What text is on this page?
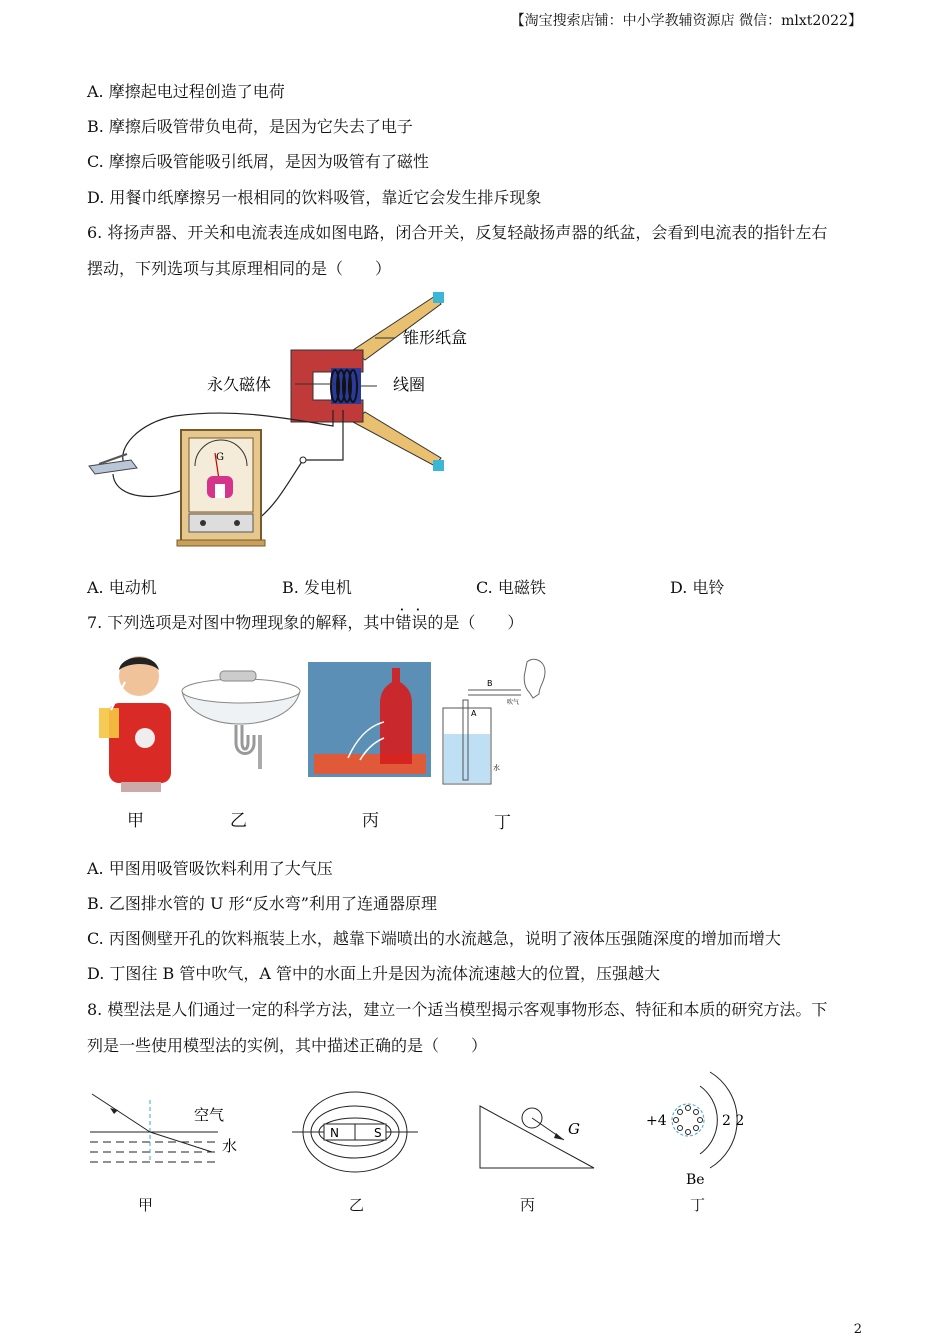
【淘宝搜索店铺：中小学教辅资源店 微信：mlxt2022】
A. 摩擦起电过程创造了电荷
B. 摩擦后吸管带负电荷，是因为它失去了电子
C. 摩擦后吸管能吸引纸屑，是因为吸管有了磁性
D. 用餐巾纸摩擦另一根相同的饮料吸管，靠近它会发生排斥现象
6. 将扬声器、开关和电流表连成如图电路，闭合开关，反复轻敲扬声器的纸盆，会看到电流表的指针左右
摆动，下列选项与其原理相同的是（　　）
锥形纸盒
永久磁体	线圈
G
A. 电动机	B. 发电机	C. 电磁铁	D. 电铃
7. 下列选项是对图中物理现象的解释，其中错误的是（　　）
B
A
吹气
水
甲	乙	丙	丁
A. 甲图用吸管吸饮料利用了大气压
B. 乙图排水管的 U 形“反水弯”利用了连通器原理
C. 丙图侧壁开孔的饮料瓶装上水，越靠下端喷出的水流越急，说明了液体压强随深度的增加而增大
D. 丁图往 B 管中吹气，A 管中的水面上升是因为流体流速越大的位置，压强越大
8. 模型法是人们通过一定的科学方法，建立一个适当模型揭示客观事物形态、特征和本质的研究方法。下
列是一些使用模型法的实例，其中描述正确的是（　　）
空气
水
N	S	G	+4	2 2
Be
甲	乙	丙	丁
2
